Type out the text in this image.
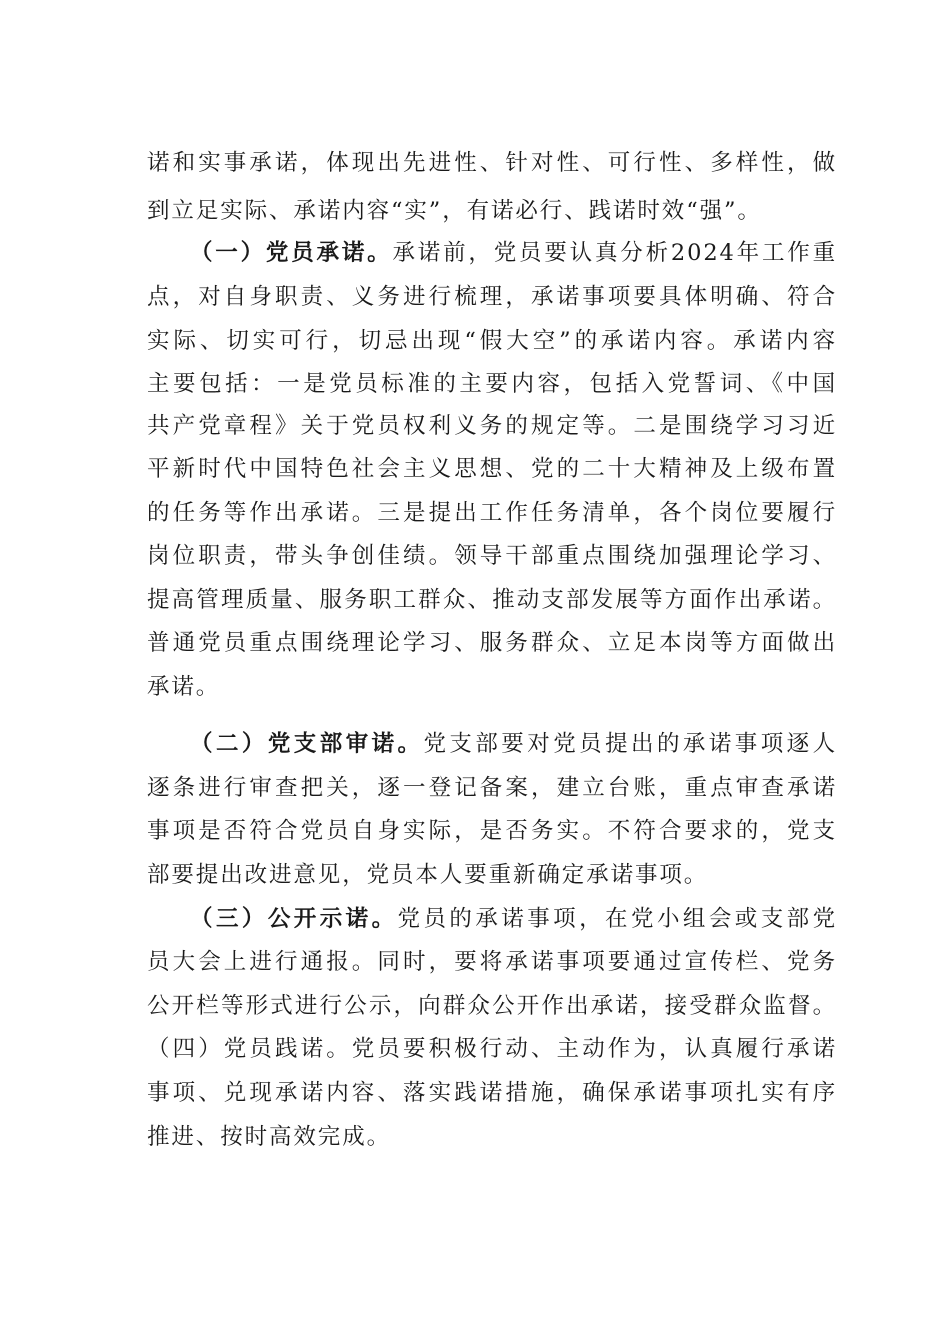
诺和实事承诺，体现出先进性、针对性、可行性、多样性，做
到立足实际、承诺内容“实”，有诺必行、践诺时效“强”。
（一）党员承诺。承诺前，党员要认真分析2024年工作重
点，对自身职责、义务进行梳理，承诺事项要具体明确、符合
实际、切实可行，切忌出现“假大空”的承诺内容。承诺内容
主要包括：一是党员标准的主要内容，包括入党誓词、《中国
共产党章程》关于党员权利义务的规定等。二是围绕学习习近
平新时代中国特色社会主义思想、党的二十大精神及上级布置
的任务等作出承诺。三是提出工作任务清单，各个岗位要履行
岗位职责，带头争创佳绩。领导干部重点围绕加强理论学习、
提高管理质量、服务职工群众、推动支部发展等方面作出承诺。
普通党员重点围绕理论学习、服务群众、立足本岗等方面做出
承诺。
（二）党支部审诺。党支部要对党员提出的承诺事项逐人
逐条进行审查把关，逐一登记备案，建立台账，重点审查承诺
事项是否符合党员自身实际，是否务实。不符合要求的，党支
部要提出改进意见，党员本人要重新确定承诺事项。
（三）公开示诺。党员的承诺事项，在党小组会或支部党
员大会上进行通报。同时，要将承诺事项要通过宣传栏、党务
公开栏等形式进行公示，向群众公开作出承诺，接受群众监督。
（四）党员践诺。党员要积极行动、主动作为，认真履行承诺
事项、兑现承诺内容、落实践诺措施，确保承诺事项扎实有序
推进、按时高效完成。
